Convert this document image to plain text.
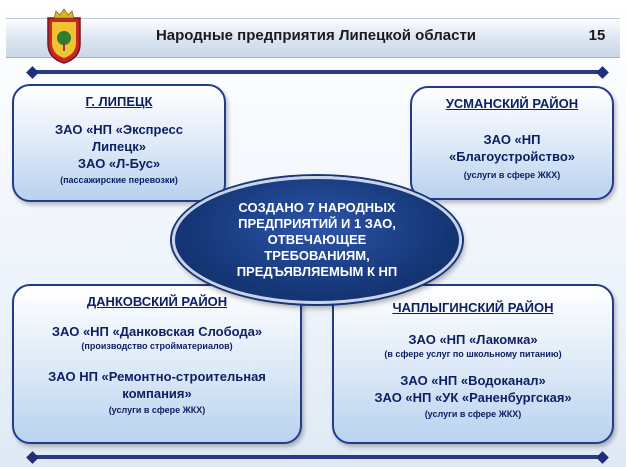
Народные предприятия Липецкой области	15
Г. ЛИПЕЦК
ЗАО «НП «Экспресс
Липецк»
ЗАО «Л-Бус»
(пассажирские перевозки)
УСМАНСКИЙ РАЙОН
ЗАО «НП
«Благоустройство»
(услуги в сфере ЖКХ)
ДАНКОВСКИЙ РАЙОН
ЗАО «НП «Данковская Слобода»
(производство стройматериалов)
ЗАО НП «Ремонтно-строительная
компания»
(услуги в сфере ЖКХ)
ЧАПЛЫГИНСКИЙ РАЙОН
ЗАО «НП «Лакомка»
(в сфере услуг по школьному питанию)
ЗАО «НП «Водоканал»
ЗАО «НП «УК «Раненбургская»
(услуги в сфере ЖКХ)
СОЗДАНО 7 НАРОДНЫХ
ПРЕДПРИЯТИЙ И 1 ЗАО,
ОТВЕЧАЮЩЕЕ
ТРЕБОВАНИЯМ,
ПРЕДЪЯВЛЯЕМЫМ К НП
